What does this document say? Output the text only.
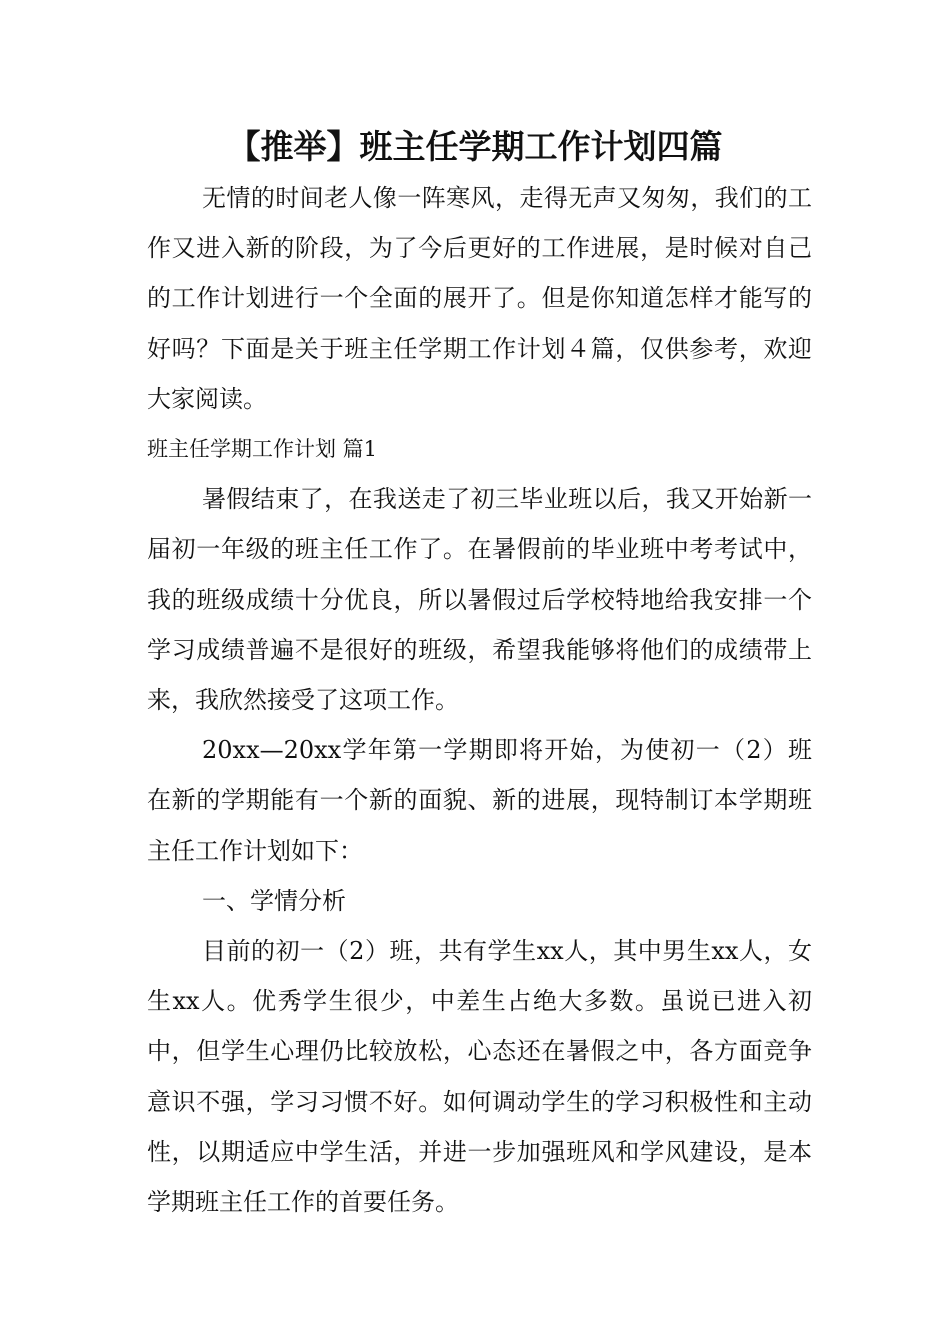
【推举】班主任学期工作计划四篇

无情的时间老人像一阵寒风，走得无声又匆匆，我们的工作又进入新的阶段，为了今后更好的工作进展，是时候对自己的工作计划进行一个全面的展开了。但是你知道怎样才能写的好吗？下面是关于班主任学期工作计划４篇，仅供参考，欢迎大家阅读。

班主任学期工作计划 篇1

暑假结束了，在我送走了初三毕业班以后，我又开始新一届初一年级的班主任工作了。在暑假前的毕业班中考考试中，我的班级成绩十分优良，所以暑假过后学校特地给我安排一个学习成绩普遍不是很好的班级，希望我能够将他们的成绩带上来，我欣然接受了这项工作。

20xx—20xx学年第一学期即将开始，为使初一（2）班在新的学期能有一个新的面貌、新的进展，现特制订本学期班主任工作计划如下：

一、学情分析

目前的初一（2）班，共有学生xx人，其中男生xx人，女生xx人。优秀学生很少，中差生占绝大多数。虽说已进入初中，但学生心理仍比较放松，心态还在暑假之中，各方面竞争意识不强，学习习惯不好。如何调动学生的学习积极性和主动性，以期适应中学生活，并进一步加强班风和学风建设，是本学期班主任工作的首要任务。
